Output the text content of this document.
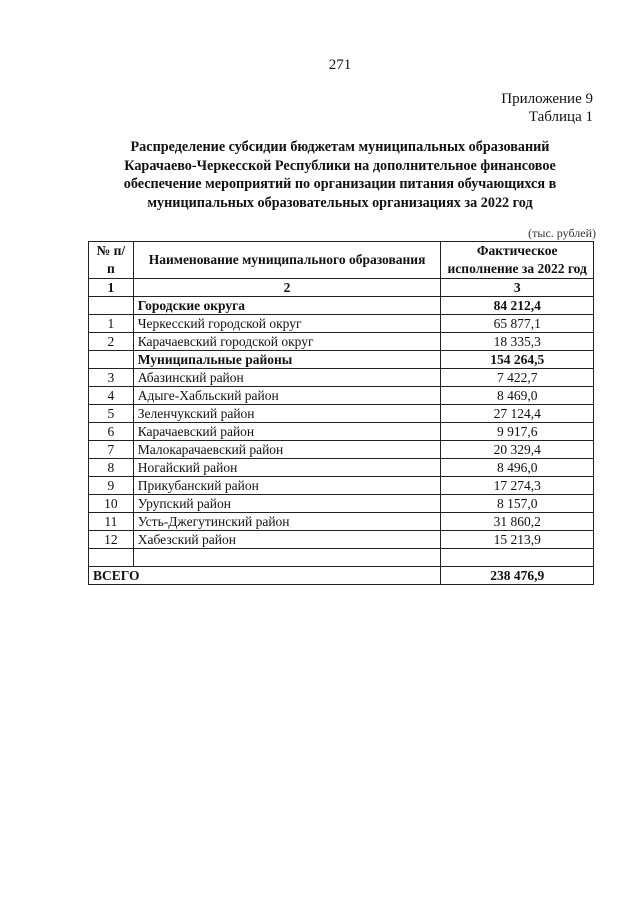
271
Приложение 9
Таблица 1
Распределение субсидии бюджетам муниципальных образований
Карачаево-Черкесской Республики на дополнительное финансовое
обеспечение мероприятий по организации питания обучающихся в
муниципальных образовательных организациях за 2022 год
(тыс. рублей)
№ п/п	Наименование муниципального образования	Фактическое исполнение за 2022 год
1	2	3
	Городские округа	84 212,4
1	Черкесский городской округ	65 877,1
2	Карачаевский городской округ	18 335,3
	Муниципальные районы	154 264,5
3	Абазинский район	7 422,7
4	Адыге-Хабльский район	8 469,0
5	Зеленчукский район	27 124,4
6	Карачаевский район	9 917,6
7	Малокарачаевский район	20 329,4
8	Ногайский район	8 496,0
9	Прикубанский район	17 274,3
10	Урупский район	8 157,0
11	Усть-Джегутинский район	31 860,2
12	Хабезский район	15 213,9

ВСЕГО		238 476,9
